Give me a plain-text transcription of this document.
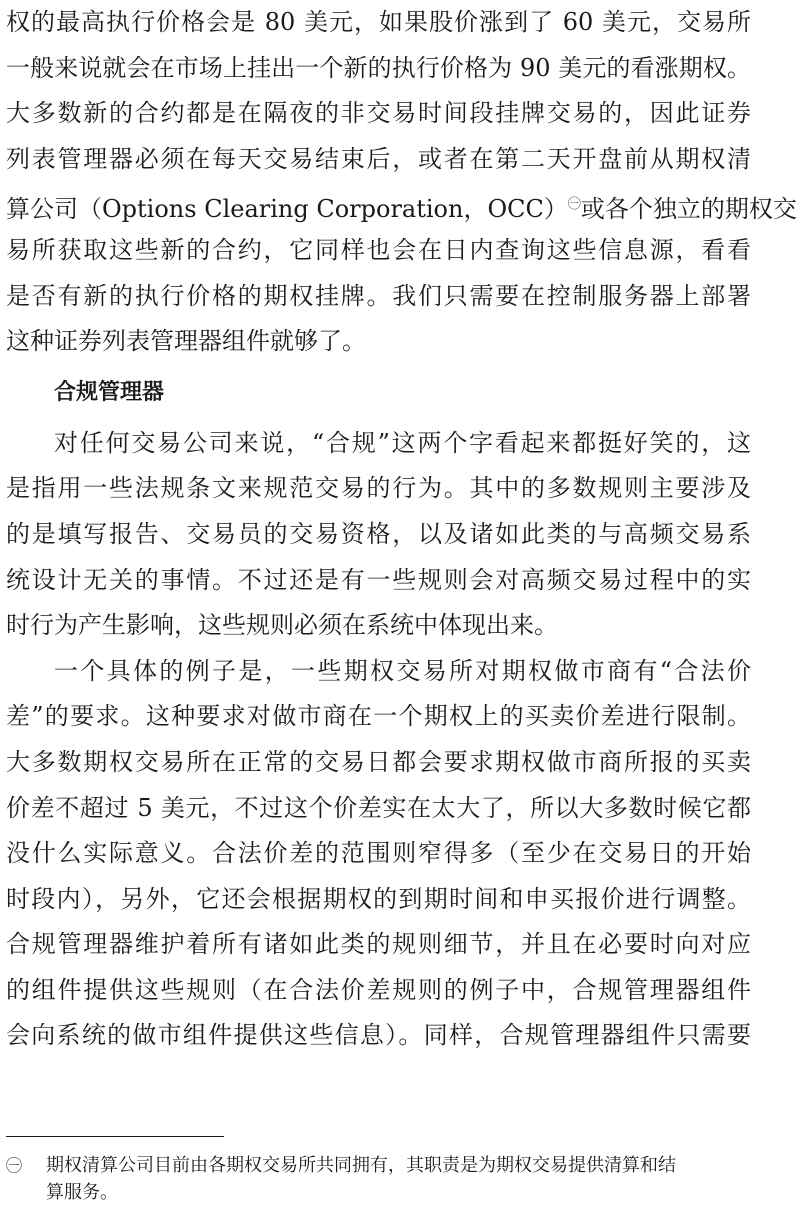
权的最高执行价格会是 80 美元，如果股价涨到了 60 美元，交易所
一般来说就会在市场上挂出一个新的执行价格为 90 美元的看涨期权。
大多数新的合约都是在隔夜的非交易时间段挂牌交易的，因此证券
列表管理器必须在每天交易结束后，或者在第二天开盘前从期权清
算公司（Options Clearing Corporation，OCC）$^㊀$或各个独立的期权交
易所获取这些新的合约，它同样也会在日内查询这些信息源，看看
是否有新的执行价格的期权挂牌。我们只需要在控制服务器上部署
这种证券列表管理器组件就够了。
合规管理器
对任何交易公司来说，“合规”这两个字看起来都挺好笑的，这
是指用一些法规条文来规范交易的行为。其中的多数规则主要涉及
的是填写报告、交易员的交易资格，以及诸如此类的与高频交易系
统设计无关的事情。不过还是有一些规则会对高频交易过程中的实
时行为产生影响，这些规则必须在系统中体现出来。
一个具体的例子是，一些期权交易所对期权做市商有“合法价
差”的要求。这种要求对做市商在一个期权上的买卖价差进行限制。
大多数期权交易所在正常的交易日都会要求期权做市商所报的买卖
价差不超过 5 美元，不过这个价差实在太大了，所以大多数时候它都
没什么实际意义。合法价差的范围则窄得多（至少在交易日的开始
时段内），另外，它还会根据期权的到期时间和申买报价进行调整。
合规管理器维护着所有诸如此类的规则细节，并且在必要时向对应
的组件提供这些规则（在合法价差规则的例子中，合规管理器组件
会向系统的做市组件提供这些信息）。同样，合规管理器组件只需要
㊀ 期权清算公司目前由各期权交易所共同拥有，其职责是为期权交易提供清算和结
算服务。
